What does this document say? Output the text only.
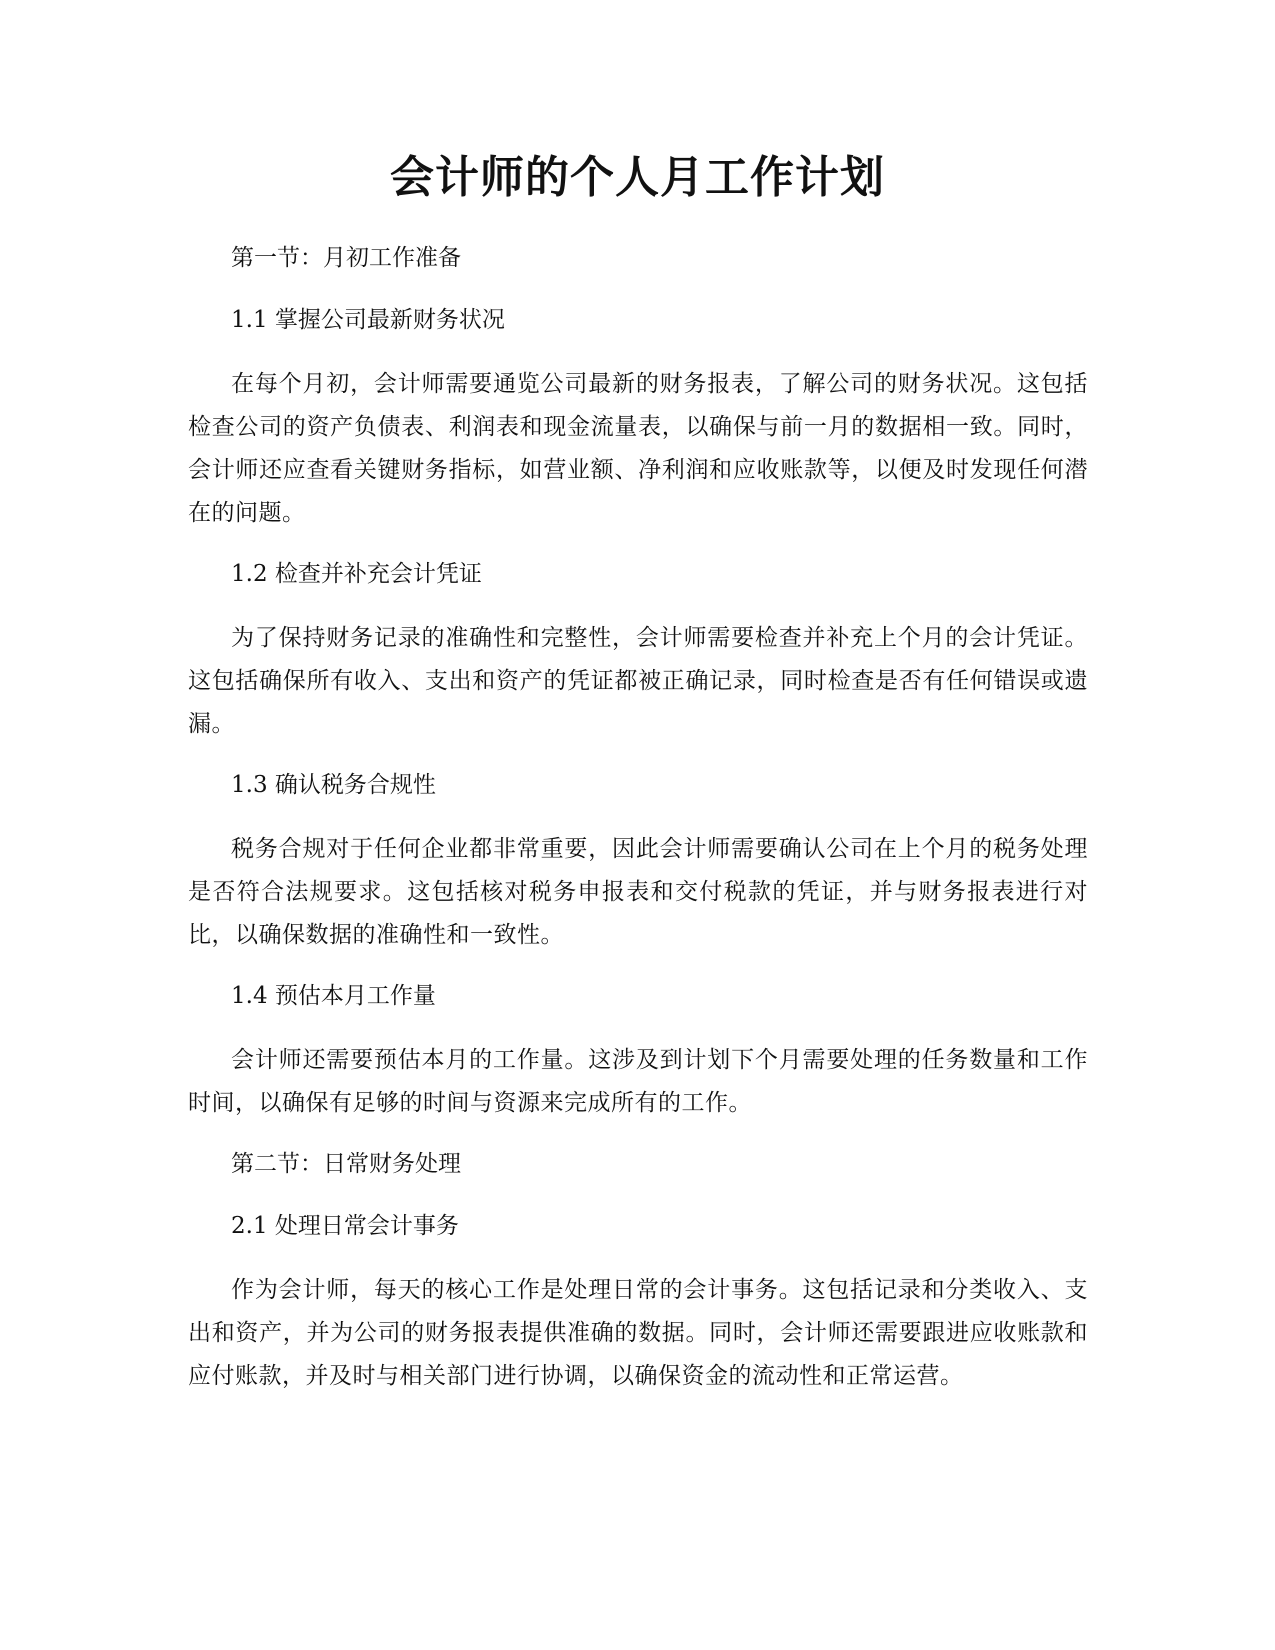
会计师的个人月工作计划

第一节：月初工作准备

1.1 掌握公司最新财务状况

在每个月初，会计师需要通览公司最新的财务报表，了解公司的财务状况。这包括检查公司的资产负债表、利润表和现金流量表，以确保与前一月的数据相一致。同时，会计师还应查看关键财务指标，如营业额、净利润和应收账款等，以便及时发现任何潜在的问题。

1.2 检查并补充会计凭证

为了保持财务记录的准确性和完整性，会计师需要检查并补充上个月的会计凭证。这包括确保所有收入、支出和资产的凭证都被正确记录，同时检查是否有任何错误或遗漏。

1.3 确认税务合规性

税务合规对于任何企业都非常重要，因此会计师需要确认公司在上个月的税务处理是否符合法规要求。这包括核对税务申报表和交付税款的凭证，并与财务报表进行对比，以确保数据的准确性和一致性。

1.4 预估本月工作量

会计师还需要预估本月的工作量。这涉及到计划下个月需要处理的任务数量和工作时间，以确保有足够的时间与资源来完成所有的工作。

第二节：日常财务处理

2.1 处理日常会计事务

作为会计师，每天的核心工作是处理日常的会计事务。这包括记录和分类收入、支出和资产，并为公司的财务报表提供准确的数据。同时，会计师还需要跟进应收账款和应付账款，并及时与相关部门进行协调，以确保资金的流动性和正常运营。
